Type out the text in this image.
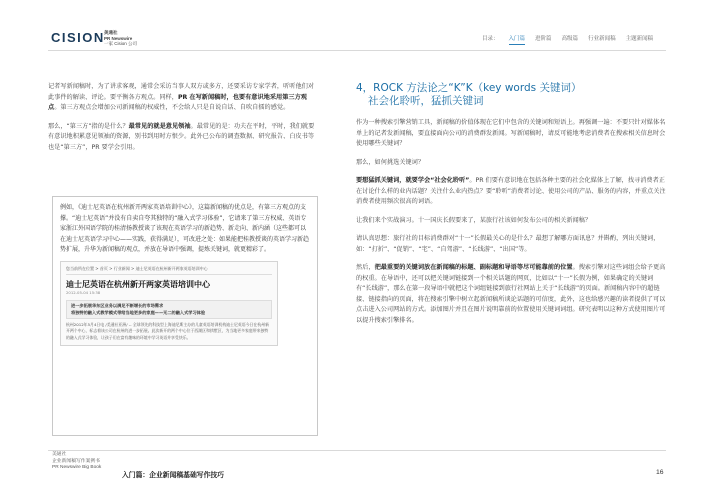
CISION 美通社
PR Newswire
一家 Cision 公司
目录： 入门篇 进阶篇 高级篇 行业新闻稿 主题新闻稿

记者写新闻稿时，为了讲求客观，通常会采访当事人双方或多方，还要采访专家学者，听听他们对此事件的解读、评论。要平衡各方观点。同样，PR 在写新闻稿时，也要有意识地采用第三方观点。第三方观点会增加公司新闻稿的权威性，不会给人只是自说自话、自吹自擂的感觉。

那么，“第三方”指的是什么？最常见的就是意见领袖。最常见的是：功夫在平时，平时，我们就要有意识地积累意见领袖的资源，别书到用时方恨少。此外已公布的调查数据、研究报告、白皮书等也是“第三方”，PR 要学会引用。

例如，《迪士尼英语在杭州新开两家英语培训中心》，这篇新闻稿的优点是，有第三方观点的支撑。“迪士尼英语”并没有自卖自夸其独特的“融入式学习体验”，它请来了第三方权威、英语专家浙江外国语学院的桂清扬教授谈了该现在英语学习的新趋势、新走向、新内涵（这些都可以在迪士尼英语学习中心——实践，获得满足），可改进之处：如果能把桂教授谈的英语学习新趋势扩展，升华为新闻稿的观点，并放在导语中强调，提炼关键词，就更精彩了。
您当前所在位置 > 首页 > 行业新闻 > 迪士尼英语在杭州新开两家英语培训中心
迪士尼英语在杭州新开两家英语培训中心
2012-05-04 15:38
进一步拓展华东区业务以满足不断增长的市场需求
将独特的融入式教学模式带给当地更多的家庭——无二的融入式学习体验
杭州2012年5月4日电 /美通社亚洲/ -- 全球领先的科技型上海迪尼斯主办的儿童英语培训机构迪士尼英语今日在杭州新开两个中心，标志着该公司在杭州的进一步拓展。此次新开的两个中心位于西湖区和拱墅区，为当地更多家庭带来独特的融入式学习体验，让孩子们在富有趣味的环境中学习英语并享受快乐。
4，ROCK 方法论之“K”K（key words 关键词）
社会化聆听，猛抓关键词

作为一种搜索引擎营销工具，新闻稿的价值体现在它们中包含的关键词和短语上。再强调一遍：不要只针对媒体名单上的记者发新闻稿，要直接面向公司的消费群发新闻。写新闻稿时，请反可能地考虑消费者在搜索相关信息时会使用哪些关键词？

那么，如何挑选关键词？

要想猛抓关键词，就要学会“社会化聆听”。PR 们要有意识地在包括各种主要的社会化媒体上了解，找寻消费者正在讨论什么样的业内话题？关注什么业内热点？要“聆听”消费者讨论、使用公司的产品、服务的内容，并重点关注消费者使用频次很高的词语。

让我们来个实战演习。十一国庆长假要来了，某旅行社该如何发布公司的相关新闻稿？

请认真思想：旅行社的目标消费群对“十一”长假最关心的是什么？最想了解哪方面讯息？并斟酌，列出关键词，如：“打折”、“促销”、“宅”、“自驾游”、“长线游”、“出国”等。

然后，把最重要的关键词放在新闻稿的标题、副标题和导语等尽可能靠前的位置。搜索引擎对这些词组会给予更高的权重。在导语中，还可以把关键词链接到一个相关话题的网页，比如以“十一”长假为例，如果确定的关键词有“长线游”，那么在第一段导语中就把这个词组链接到旅行社网站上关于“长线游”的页面。新闻稿内容中的超链接、链接指向的页面，将在搜索引擎中树立起新闻稿所谈论话题的可信度，此外，这也给感兴趣的读者提供了可以点击进入公司网站的方式。添加图片并且在图片说明靠前的位置使用关键词词组。研究表明以这种方式使用图片可以提升搜索引擎排名。

美通社
企业新闻稿写作案例书
PR Newswire Big Book
入门篇：企业新闻稿基础写作技巧	16
